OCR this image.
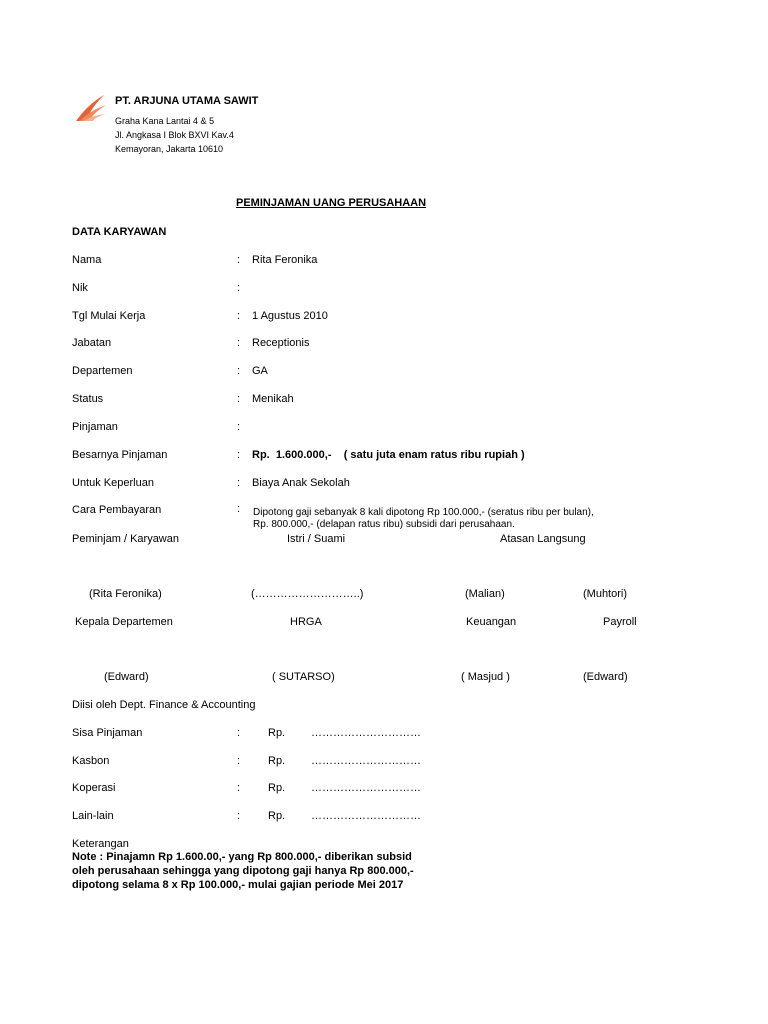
PT. ARJUNA UTAMA SAWIT
Graha Kana Lantai 4 & 5
Jl. Angkasa I Blok BXVI Kav.4
Kemayoran, Jakarta 10610
PEMINJAMAN UANG PERUSAHAAN
DATA KARYAWAN
Nama	: Rita Feronika
Nik	:
Tgl Mulai Kerja	: 1 Agustus 2010
Jabatan	: Receptionis
Departemen	: GA
Status	: Menikah
Pinjaman	:
Besarnya Pinjaman	: Rp.  1.600.000,-    ( satu juta enam ratus ribu rupiah )
Untuk Keperluan	: Biaya Anak Sekolah
Cara Pembayaran	: Dipotong gaji sebanyak 8 kali dipotong Rp 100.000,- (seratus ribu per bulan),
Rp. 800.000,- (delapan ratus ribu) subsidi dari perusahaan.
Peminjam / Karyawan	Istri / Suami	Atasan Langsung
(Rita Feronika)	(………………………..)	(Malian)	(Muhtori)
Kepala Departemen	HRGA	Keuangan	Payroll
(Edward)	( SUTARSO)	( Masjud )	(Edward)
Diisi oleh Dept. Finance & Accounting
Sisa Pinjaman	:	Rp. …………………………
Kasbon	:	Rp. …………………………
Koperasi	:	Rp. …………………………
Lain-lain	:	Rp. …………………………
Keterangan
Note : Pinajamn Rp 1.600.00,- yang Rp 800.000,- diberikan subsid
oleh perusahaan sehingga yang dipotong gaji hanya Rp 800.000,-
dipotong selama 8 x Rp 100.000,- mulai gajian periode Mei 2017
